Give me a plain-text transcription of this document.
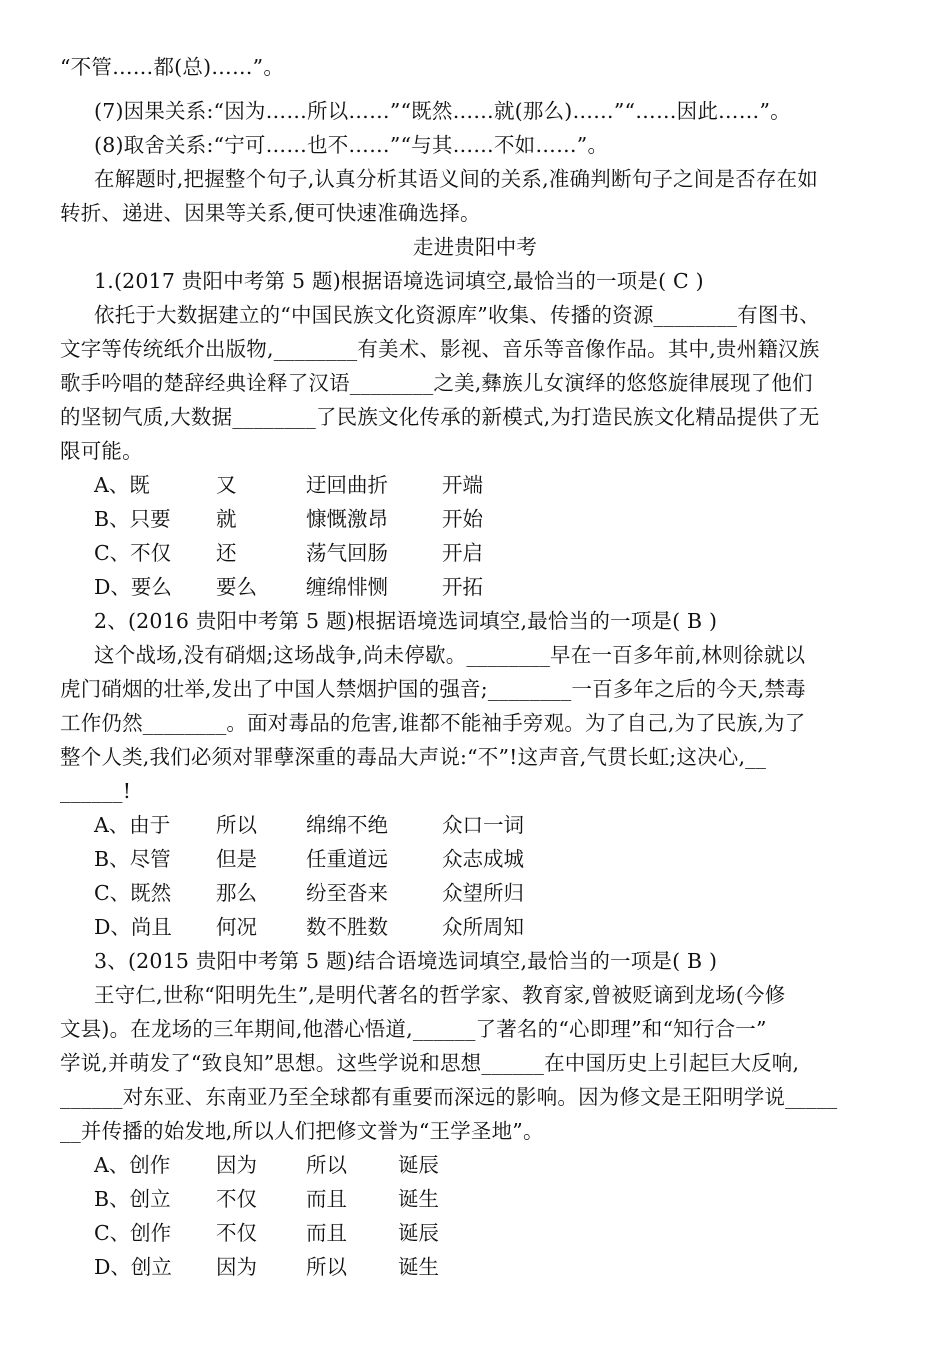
“不管……都(总)……”。
(7)因果关系:“因为……所以……”“既然……就(那么)……”“……因此……”。
(8)取舍关系:“宁可……也不……”“与其……不如……”。
在解题时,把握整个句子,认真分析其语义间的关系,准确判断句子之间是否存在如
转折、递进、因果等关系,便可快速准确选择。
走进贵阳中考
1.(2017 贵阳中考第 5 题)根据语境选词填空,最恰当的一项是( C )
依托于大数据建立的“中国民族文化资源库”收集、传播的资源________有图书、
文字等传统纸介出版物,________有美术、影视、音乐等音像作品。其中,贵州籍汉族
歌手吟唱的楚辞经典诠释了汉语________之美,彝族儿女演绎的悠悠旋律展现了他们
的坚韧气质,大数据________了民族文化传承的新模式,为打造民族文化精品提供了无
限可能。
A、既	又	迂回曲折	开端
B、只要 就	慷慨激昂	开始
C、不仅 还	荡气回肠	开启
D、要么 要么 缠绵悱恻	开拓
2、(2016 贵阳中考第 5 题)根据语境选词填空,最恰当的一项是( B )
这个战场,没有硝烟;这场战争,尚未停歇。________早在一百多年前,林则徐就以
虎门硝烟的壮举,发出了中国人禁烟护国的强音;________一百多年之后的今天,禁毒
工作仍然________。面对毒品的危害,谁都不能袖手旁观。为了自己,为了民族,为了
整个人类,我们必须对罪孽深重的毒品大声说:“不”!这声音,气贯长虹;这决心,__
______!
A、由于 所以 绵绵不绝	众口一词
B、尽管 但是 任重道远	众志成城
C、既然 那么 纷至沓来	众望所归
D、尚且 何况 数不胜数	众所周知
3、(2015 贵阳中考第 5 题)结合语境选词填空,最恰当的一项是( B )
王守仁,世称“阳明先生”,是明代著名的哲学家、教育家,曾被贬谪到龙场(今修
文县)。在龙场的三年期间,他潜心悟道,______了著名的“心即理”和“知行合一”
学说,并萌发了“致良知”思想。这些学说和思想______在中国历史上引起巨大反响,
______对东亚、东南亚乃至全球都有重要而深远的影响。因为修文是王阳明学说_____
__并传播的始发地,所以人们把修文誉为“王学圣地”。
A、创作 因为 所以 诞辰
B、创立 不仅 而且 诞生
C、创作 不仅 而且 诞辰
D、创立 因为 所以 诞生
